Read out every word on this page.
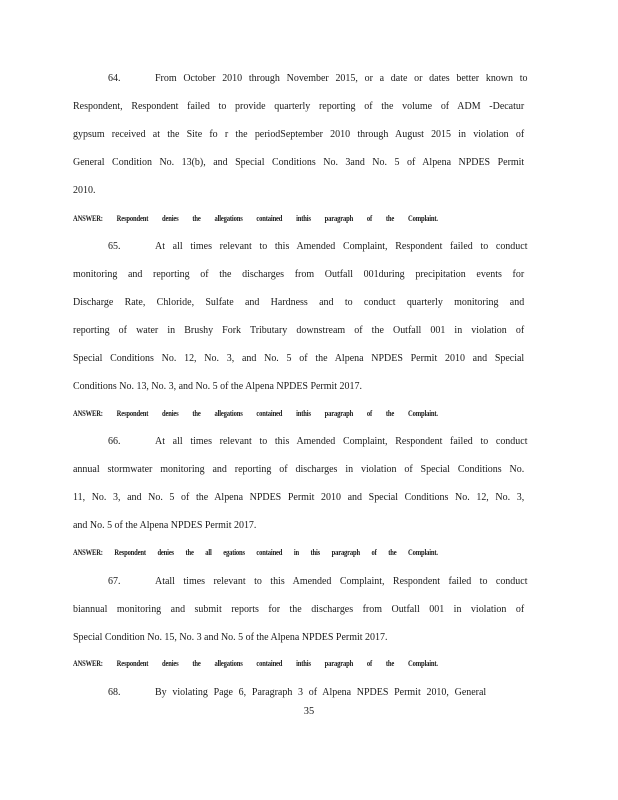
64.	From October 2010 through November 2015, or a date or dates better known to
Respondent, Respondent failed to provide quarterly reporting of the volume of ADM -Decatur
gypsum received at the Site fo r the periodSeptember 2010 through August 2015 in violation of
General Condition No. 13(b), and Special Conditions No. 3and No. 5 of Alpena NPDES Permit
2010.
ANSWER: Respondent denies the allegations contained inthis paragraph of the Complaint.
65.	At all times relevant to this Amended Complaint, Respondent failed to conduct
monitoring and reporting of the discharges from Outfall 001during precipitation events for
Discharge Rate, Chloride, Sulfate and Hardness and to conduct quarterly monitoring and
reporting of water in Brushy Fork Tributary downstream of the Outfall 001 in violation of
Special Conditions No. 12, No. 3, and No. 5 of the Alpena NPDES Permit 2010 and Special
Conditions No. 13, No. 3, and No. 5 of the Alpena NPDES Permit 2017.
ANSWER: Respondent denies the allegations contained inthis paragraph of the Complaint.
66.	At all times relevant to this Amended Complaint, Respondent failed to conduct
annual stormwater monitoring and reporting of discharges in violation of Special Conditions No.
11, No. 3, and No. 5 of the Alpena NPDES Permit 2010 and Special Conditions No. 12, No. 3,
and No. 5 of the Alpena NPDES Permit 2017.
ANSWER: Respondent denies the all egations contained in this paragraph of the Complaint.
67.	Atall times relevant to this Amended Complaint, Respondent failed to conduct
biannual monitoring and submit reports for the discharges from Outfall 001 in violation of
Special Condition No. 15, No. 3 and No. 5 of the Alpena NPDES Permit 2017.
ANSWER: Respondent denies the allegations contained inthis paragraph of the Complaint.
68.	By violating Page 6, Paragraph 3 of Alpena NPDES Permit 2010, General
35
